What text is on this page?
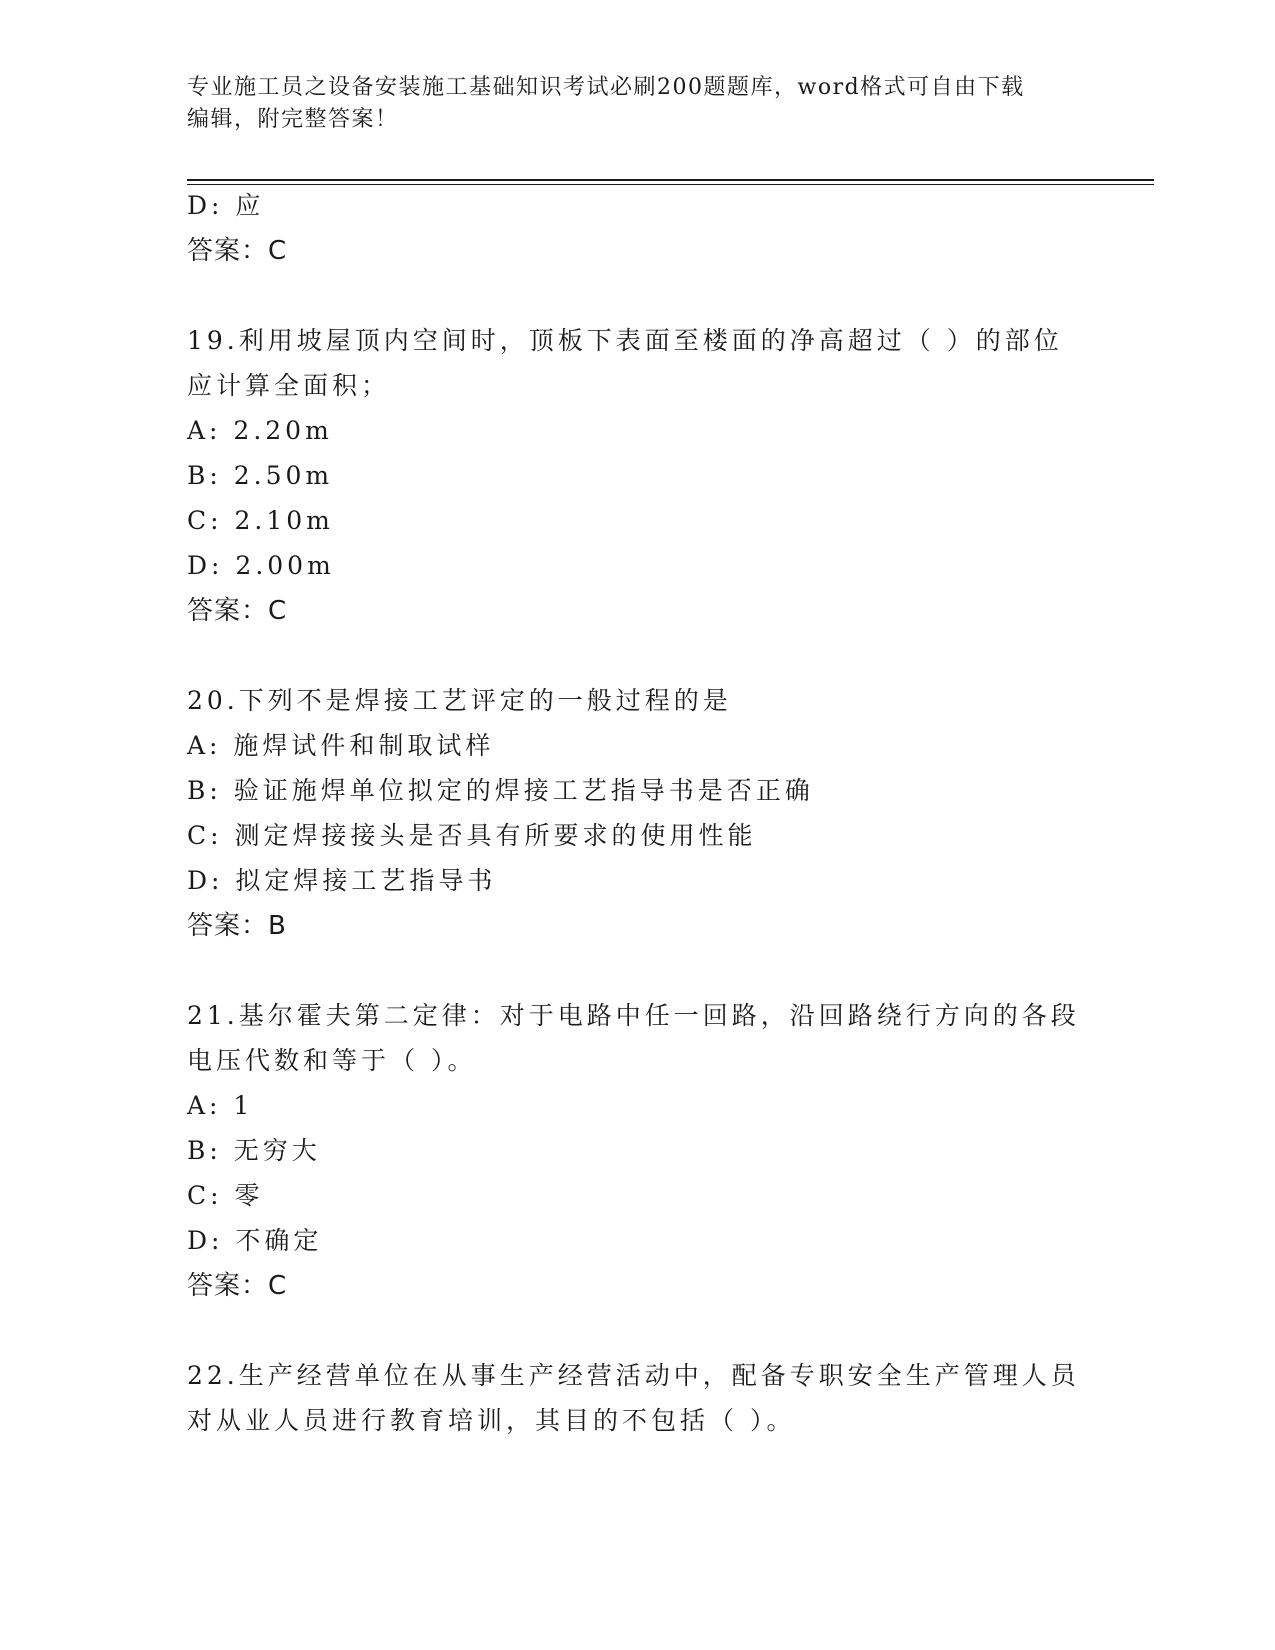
专业施工员之设备安装施工基础知识考试必刷200题题库，word格式可自由下载
编辑，附完整答案！
D: 应
答案：C
19.利用坡屋顶内空间时，顶板下表面至楼面的净高超过（ ）的部位
应计算全面积；
A: 2.20m
B: 2.50m
C: 2.10m
D: 2.00m
答案：C
20.下列不是焊接工艺评定的一般过程的是
A: 施焊试件和制取试样
B: 验证施焊单位拟定的焊接工艺指导书是否正确
C: 测定焊接接头是否具有所要求的使用性能
D: 拟定焊接工艺指导书
答案：B
21.基尔霍夫第二定律：对于电路中任一回路，沿回路绕行方向的各段
电压代数和等于（ ）。
A: 1
B: 无穷大
C: 零
D: 不确定
答案：C
22.生产经营单位在从事生产经营活动中，配备专职安全生产管理人员
对从业人员进行教育培训，其目的不包括（ ）。
